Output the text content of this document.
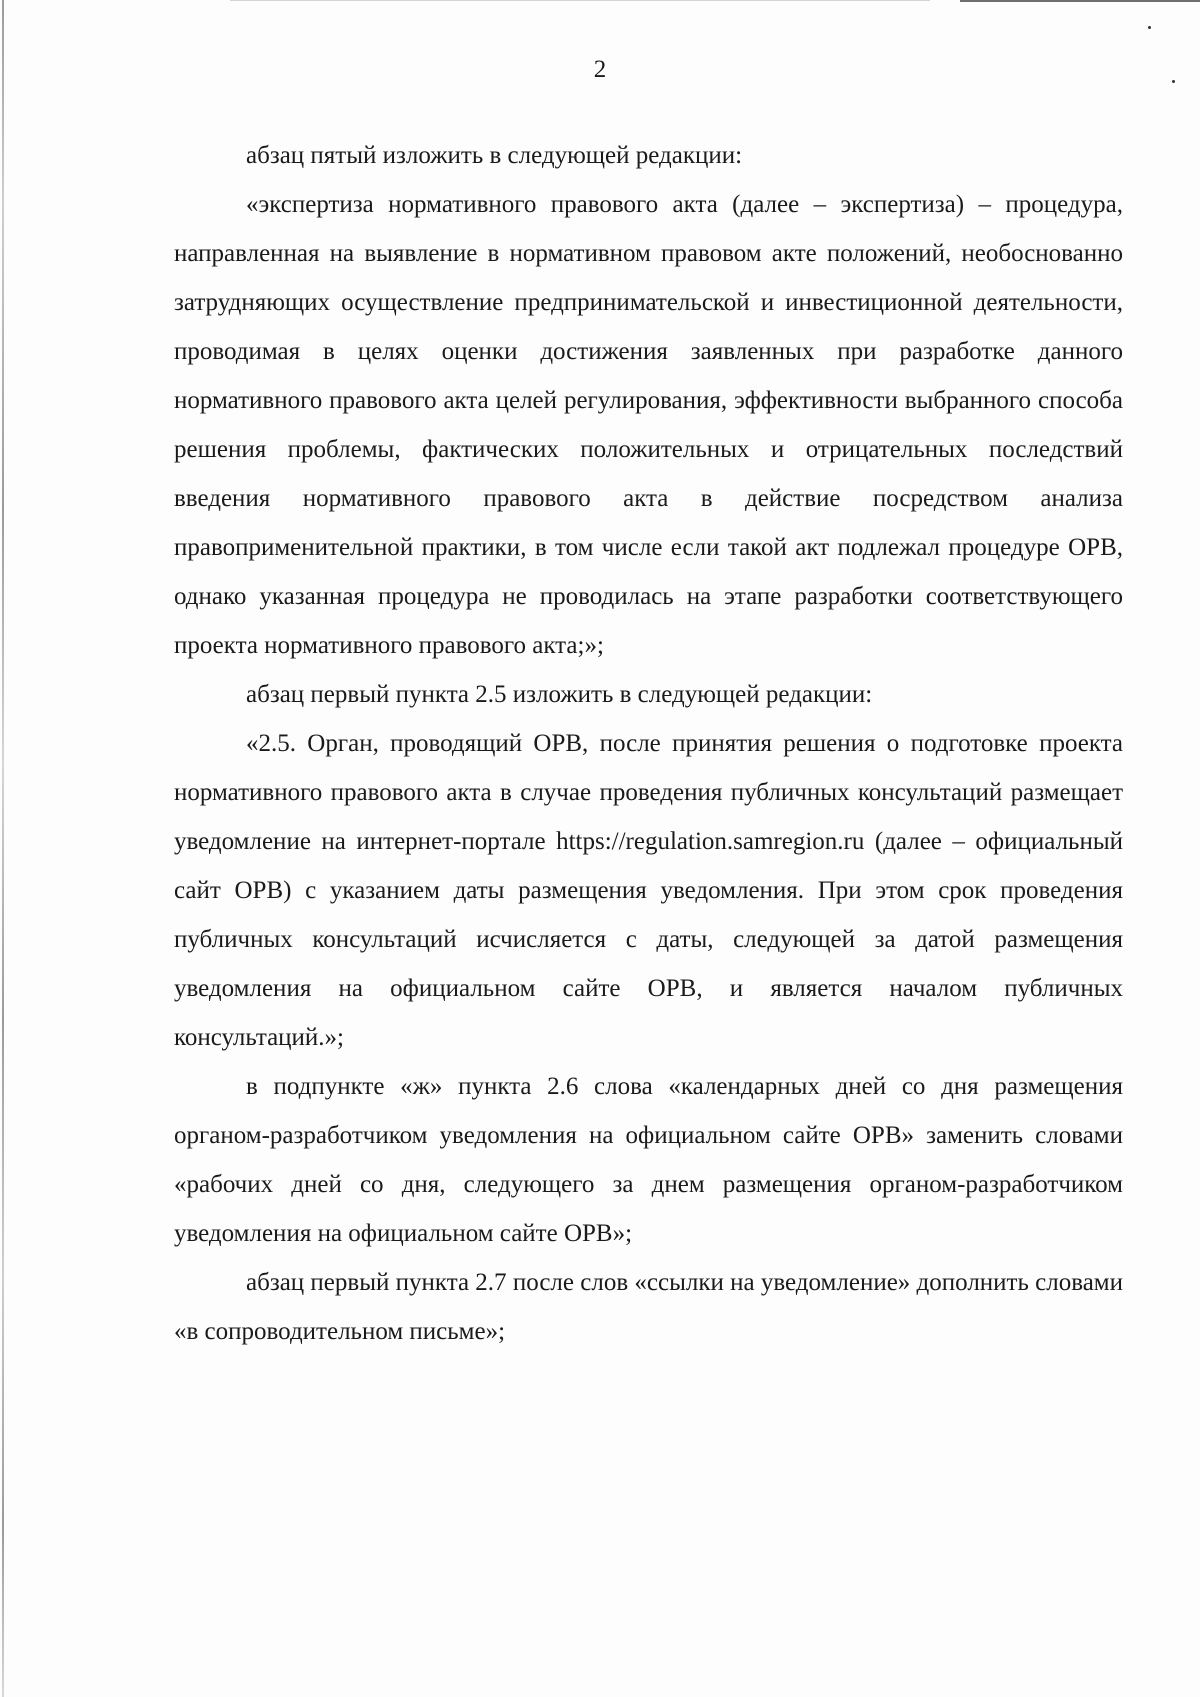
2

абзац пятый изложить в следующей редакции:

«экспертиза нормативного правового акта (далее – экспертиза) – процедура, направленная на выявление в нормативном правовом акте положений, необоснованно затрудняющих осуществление предпринимательской и инвестиционной деятельности, проводимая в целях оценки достижения заявленных при разработке данного нормативного правового акта целей регулирования, эффективности выбранного способа решения проблемы, фактических положительных и отрицательных последствий введения нормативного правового акта в действие посредством анализа правоприменительной практики, в том числе если такой акт подлежал процедуре ОРВ, однако указанная процедура не проводилась на этапе разработки соответствующего проекта нормативного правового акта;»;

абзац первый пункта 2.5 изложить в следующей редакции:

«2.5. Орган, проводящий ОРВ, после принятия решения о подготовке проекта нормативного правового акта в случае проведения публичных консультаций размещает уведомление на интернет-портале https://regulation.samregion.ru (далее – официальный сайт ОРВ) с указанием даты размещения уведомления. При этом срок проведения публичных консультаций исчисляется с даты, следующей за датой размещения уведомления на официальном сайте ОРВ, и является началом публичных консультаций.»;

в подпункте «ж» пункта 2.6 слова «календарных дней со дня размещения органом-разработчиком уведомления на официальном сайте ОРВ» заменить словами «рабочих дней со дня, следующего за днем размещения органом-разработчиком уведомления на официальном сайте ОРВ»;

абзац первый пункта 2.7 после слов «ссылки на уведомление» дополнить словами «в сопроводительном письме»;
